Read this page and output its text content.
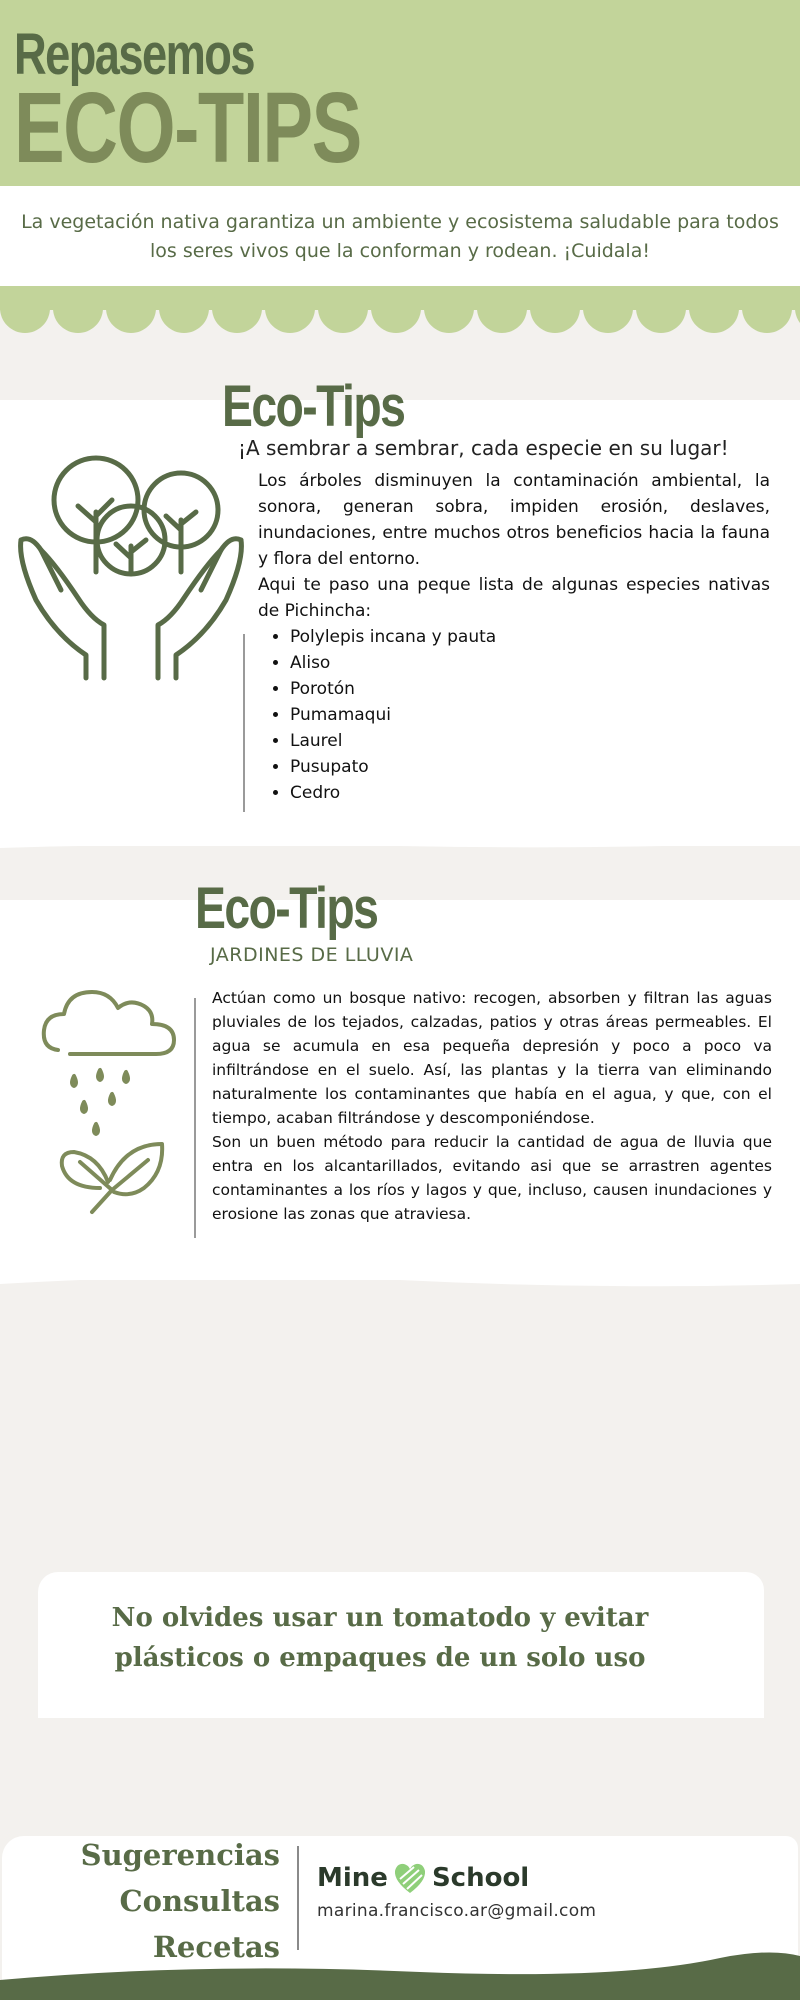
Repasemos
ECO-TIPS
La vegetación nativa garantiza un ambiente y ecosistema saludable para todos los seres vivos que la conforman y rodean. ¡Cuidala!
Eco-Tips
¡A sembrar a sembrar, cada especie en su lugar!

Los árboles disminuyen la contaminación ambiental, la sonora, generan sobra, impiden erosión, deslaves, inundaciones, entre muchos otros beneficios hacia la fauna y flora del entorno.

Aqui te paso una peque lista de algunas especies nativas de Pichincha:

• Polylepis incana y pauta
• Aliso
• Porotón
• Pumamaqui
• Laurel
• Pusupato
• Cedro
Eco-Tips
JARDINES DE LLUVIA

Actúan como un bosque nativo: recogen, absorben y filtran las aguas pluviales de los tejados, calzadas, patios y otras áreas permeables. El agua se acumula en esa pequeña depresión y poco a poco va infiltrándose en el suelo. Así, las plantas y la tierra van eliminando naturalmente los contaminantes que había en el agua, y que, con el tiempo, acaban filtrándose y descomponiéndose.

Son un buen método para reducir la cantidad de agua de lluvia que entra en los alcantarillados, evitando asi que se arrastren agentes contaminantes a los ríos y lagos y que, incluso, causen inundaciones y erosione las zonas que atraviesa.

No olvides usar un tomatodo y evitar plásticos o empaques de un solo uso
Sugerencias
Consultas
Recetas
Mine School
marina.francisco.ar@gmail.com
